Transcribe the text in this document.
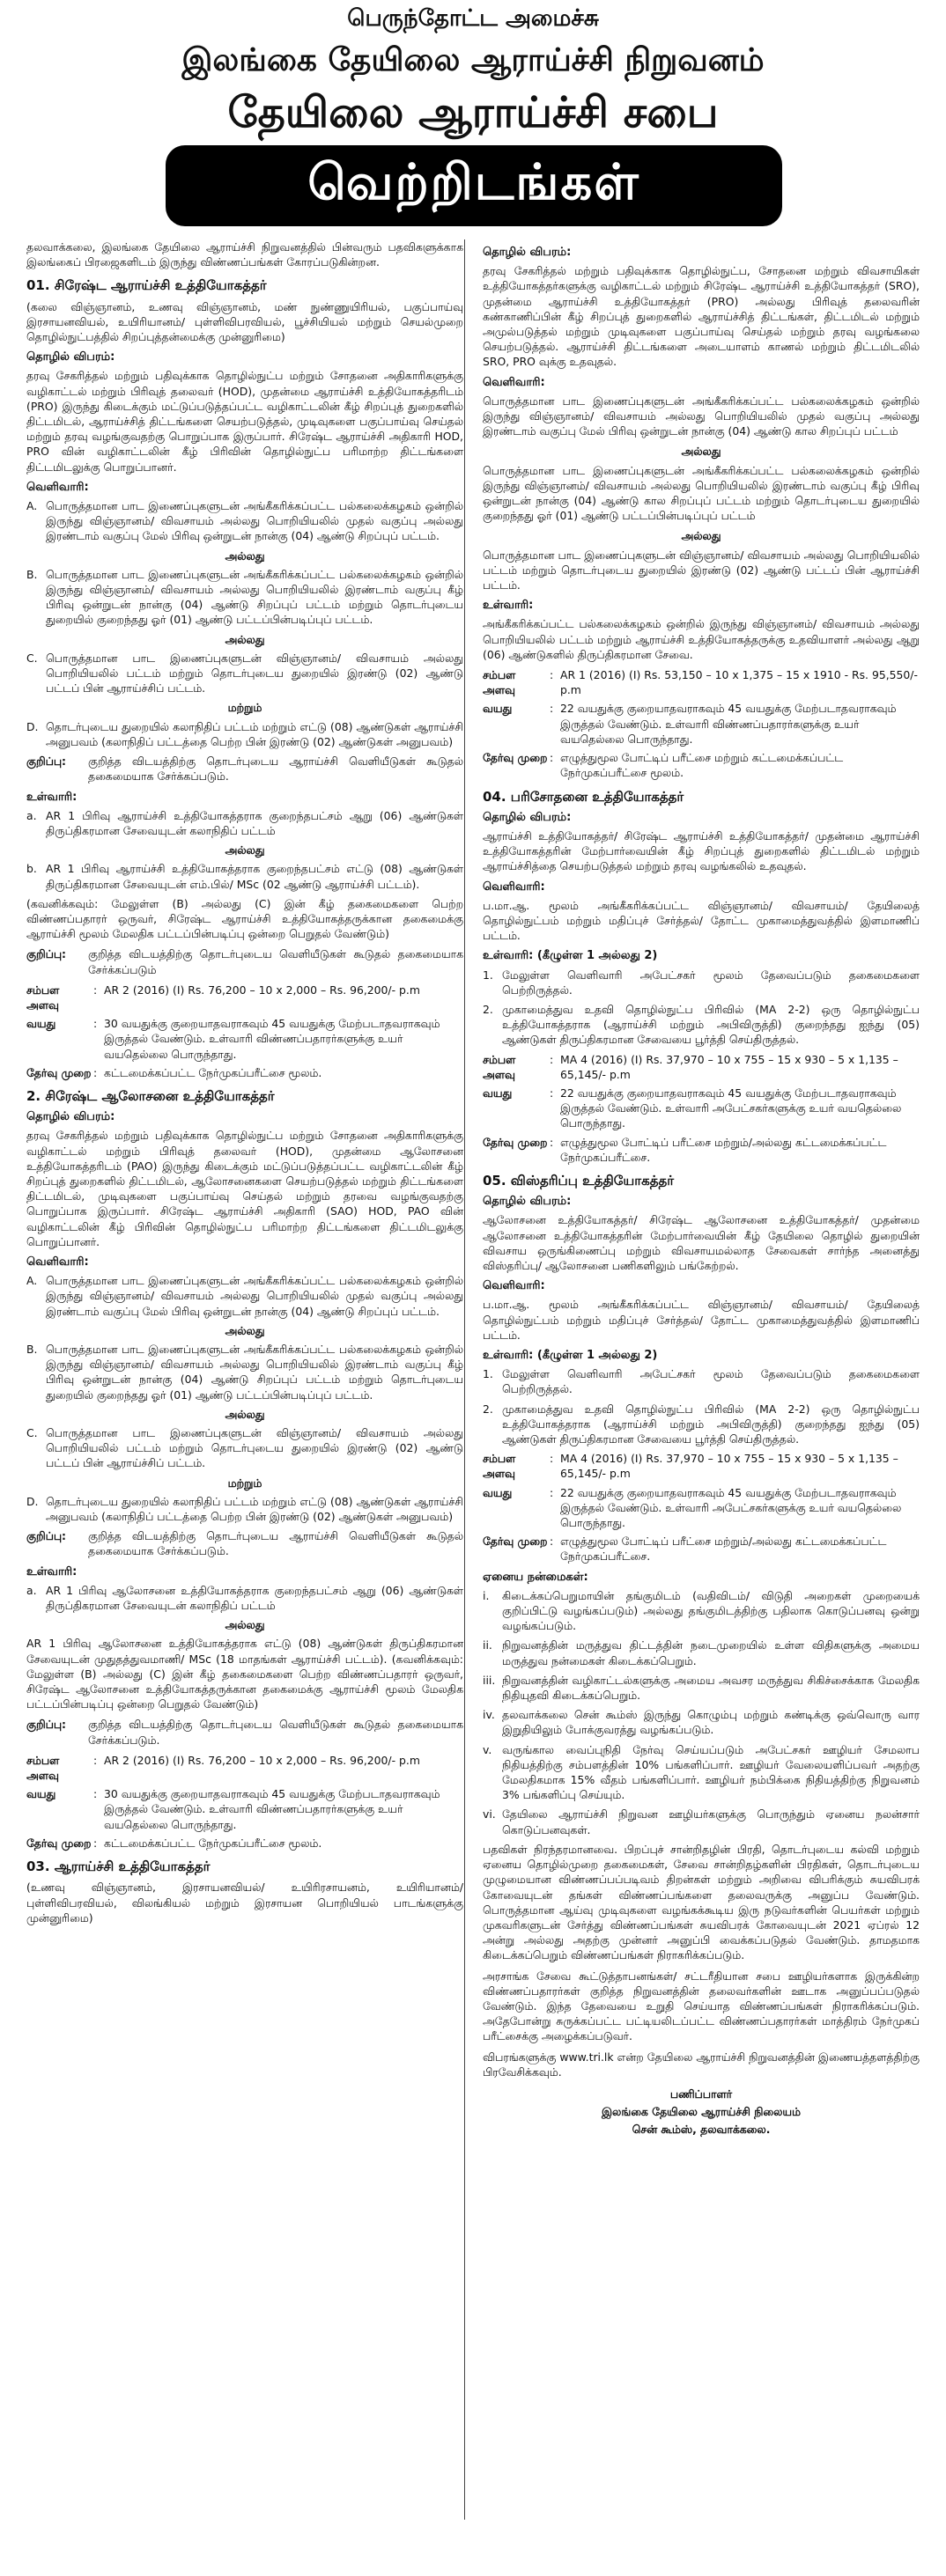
பெருந்தோட்ட அமைச்சு
இலங்கை தேயிலை ஆராய்ச்சி நிறுவனம்
தேயிலை ஆராய்ச்சி சபை
வெற்றிடங்கள்

தலவாக்கலை, இலங்கை தேயிலை ஆராய்ச்சி நிறுவனத்தில் பின்வரும் பதவிகளுக்காக இலங்கைப் பிரஜைகளிடம் இருந்து விண்ணப்பங்கள் கோரப்படுகின்றன.

01. சிரேஷ்ட ஆராய்ச்சி உத்தியோகத்தர்

(கலை விஞ்ஞானம், உணவு விஞ்ஞானம், மண் நுண்ணுயிரியல், பகுப்பாய்வு இரசாயனவியல், உயிரியானம்/ புள்ளிவிபரவியல், பூச்சியியல் மற்றும் செயல்முறை தொழில்நுட்பத்தில் சிறப்புத்தன்மைக்கு முன்னுரிமை)

தொழில் விபரம்:

தரவு சேகரித்தல் மற்றும் பதிவுக்காக தொழில்நுட்ப மற்றும் சோதனை அதிகாரிகளுக்கு வழிகாட்டல் மற்றும் பிரிவுத் தலைவர் (HOD), முதன்மை ஆராய்ச்சி உத்தியோகத்தரிடம் (PRO) இருந்து கிடைக்கும் மட்டுப்படுத்தப்பட்ட வழிகாட்டலின் கீழ் சிறப்புத் துறைகளில் திட்டமிடல், ஆராய்ச்சித் திட்டங்களை செயற்படுத்தல், முடிவுகளை பகுப்பாய்வு செய்தல் மற்றும் தரவு வழங்குவதற்கு பொறுப்பாக இருப்பார். சிரேஷ்ட ஆராய்ச்சி அதிகாரி HOD, PRO வின் வழிகாட்டலின் கீழ் பிரிவின் தொழில்நுட்ப பரிமாற்ற திட்டங்களை திட்டமிடலுக்கு பொறுப்பானர்.

வெளிவாரி:
A. பொருத்தமான பாட இணைப்புகளுடன் அங்கீகரிக்கப்பட்ட பல்கலைக்கழகம் ஒன்றில் இருந்து விஞ்ஞானம்/ விவசாயம் அல்லது பொறியியலில் முதல் வகுப்பு அல்லது இரண்டாம் வகுப்பு மேல் பிரிவு ஒன்றுடன் நான்கு (04) ஆண்டு சிறப்புப் பட்டம்.
அல்லது
B. பொருத்தமான பாட இணைப்புகளுடன் அங்கீகரிக்கப்பட்ட பல்கலைக்கழகம் ஒன்றில் இருந்து விஞ்ஞானம்/ விவசாயம் அல்லது பொறியியலில் இரண்டாம் வகுப்பு கீழ் பிரிவு ஒன்றுடன் நான்கு (04) ஆண்டு சிறப்புப் பட்டம் மற்றும் தொடர்புடைய துறையில் குறைந்தது ஓர் (01) ஆண்டு பட்டப்பின்படிப்புப் பட்டம்.
அல்லது
C. பொருத்தமான பாட இணைப்புகளுடன் விஞ்ஞானம்/ விவசாயம் அல்லது பொறியியலில் பட்டம் மற்றும் தொடர்புடைய துறையில் இரண்டு (02) ஆண்டு பட்டப் பின் ஆராய்ச்சிப் பட்டம்.
மற்றும்
D. தொடர்புடைய துறையில் கலாநிதிப் பட்டம் மற்றும் எட்டு (08) ஆண்டுகள் ஆராய்ச்சி அனுபவம் (கலாநிதிப் பட்டத்தை பெற்ற பின் இரண்டு (02) ஆண்டுகள் அனுபவம்)
குறிப்பு:	குறித்த விடயத்திற்கு தொடர்புடைய ஆராய்ச்சி வெளியீடுகள் கூடுதல் தகைமையாக சேர்க்கப்படும்.
உள்வாரி:
a. AR 1 பிரிவு ஆராய்ச்சி உத்தியோகத்தராக குறைந்தபட்சம் ஆறு (06) ஆண்டுகள் திருப்திகரமான சேவையுடன் கலாநிதிப் பட்டம்
அல்லது
b. AR 1 பிரிவு ஆராய்ச்சி உத்தியோகத்தராக குறைந்தபட்சம் எட்டு (08) ஆண்டுகள் திருப்திகரமான சேவையுடன் எம்.பில்/ MSc (02 ஆண்டு ஆராய்ச்சி பட்டம்).

(கவனிக்கவும்: மேலுள்ள (B) அல்லது (C) இன் கீழ் தகைமைகளை பெற்ற விண்ணப்பதாரர் ஒருவர், சிரேஷ்ட ஆராய்ச்சி உத்தியோகத்தருக்கான தகைமைக்கு ஆராய்ச்சி மூலம் மேலதிக பட்டப்பின்படிப்பு ஒன்றை பெறுதல் வேண்டும்)

குறிப்பு:	குறித்த விடயத்திற்கு தொடர்புடைய வெளியீடுகள் கூடுதல் தகைமையாக சேர்க்கப்படும்
சம்பள அளவு
: AR 2 (2016) (I) Rs. 76,200 – 10 x 2,000 – Rs. 96,200/- p.m
வயது	: 30 வயதுக்கு குறையாதவராகவும் 45 வயதுக்கு மேற்படாதவராகவும் இருத்தல் வேண்டும். உள்வாரி விண்ணப்பதாரர்களுக்கு உயர் வயதெல்லை பொருந்தாது.
தேர்வு முறை : கட்டமைக்கப்பட்ட நேர்முகப்பரீட்சை மூலம்.
2. சிரேஷ்ட ஆலோசனை உத்தியோகத்தர்
தொழில் விபரம்:

தரவு சேகரித்தல் மற்றும் பதிவுக்காக தொழில்நுட்ப மற்றும் சோதனை அதிகாரிகளுக்கு வழிகாட்டல் மற்றும் பிரிவுத் தலைவர் (HOD), முதன்மை ஆலோசனை உத்தியோகத்தரிடம் (PAO) இருந்து கிடைக்கும் மட்டுப்படுத்தப்பட்ட வழிகாட்டலின் கீழ் சிறப்புத் துறைகளில் திட்டமிடல், ஆலோசனைகளை செயற்படுத்தல் மற்றும் திட்டங்களை திட்டமிடல், முடிவுகளை பகுப்பாய்வு செய்தல் மற்றும் தரவை வழங்குவதற்கு பொறுப்பாக இருப்பார். சிரேஷ்ட ஆராய்ச்சி அதிகாரி (SAO) HOD, PAO வின் வழிகாட்டலின் கீழ் பிரிவின் தொழில்நுட்ப பரிமாற்ற திட்டங்களை திட்டமிடலுக்கு பொறுப்பானர்.

வெளிவாரி:
A. பொருத்தமான பாட இணைப்புகளுடன் அங்கீகரிக்கப்பட்ட பல்கலைக்கழகம் ஒன்றில் இருந்து விஞ்ஞானம்/ விவசாயம் அல்லது பொறியியலில் முதல் வகுப்பு அல்லது இரண்டாம் வகுப்பு மேல் பிரிவு ஒன்றுடன் நான்கு (04) ஆண்டு சிறப்புப் பட்டம்.
அல்லது
B. பொருத்தமான பாட இணைப்புகளுடன் அங்கீகரிக்கப்பட்ட பல்கலைக்கழகம் ஒன்றில் இருந்து விஞ்ஞானம்/ விவசாயம் அல்லது பொறியியலில் இரண்டாம் வகுப்பு கீழ் பிரிவு ஒன்றுடன் நான்கு (04) ஆண்டு சிறப்புப் பட்டம் மற்றும் தொடர்புடைய துறையில் குறைந்தது ஓர் (01) ஆண்டு பட்டப்பின்படிப்புப் பட்டம்.
அல்லது
C. பொருத்தமான பாட இணைப்புகளுடன் விஞ்ஞானம்/ விவசாயம் அல்லது பொறியியலில் பட்டம் மற்றும் தொடர்புடைய துறையில் இரண்டு (02) ஆண்டு பட்டப் பின் ஆராய்ச்சிப் பட்டம்.
மற்றும்
D. தொடர்புடைய துறையில் கலாநிதிப் பட்டம் மற்றும் எட்டு (08) ஆண்டுகள் ஆராய்ச்சி அனுபவம் (கலாநிதிப் பட்டத்தை பெற்ற பின் இரண்டு (02) ஆண்டுகள் அனுபவம்)
குறிப்பு:	குறித்த விடயத்திற்கு தொடர்புடைய ஆராய்ச்சி வெளியீடுகள் கூடுதல் தகைமையாக சேர்க்கப்படும்.
உள்வாரி:
a. AR 1 பிரிவு ஆலோசனை உத்தியோகத்தராக குறைந்தபட்சம் ஆறு (06) ஆண்டுகள் திருப்திகரமான சேவையுடன் கலாநிதிப் பட்டம்
அல்லது

AR 1 பிரிவு ஆலோசனை உத்தியோகத்தராக எட்டு (08) ஆண்டுகள் திருப்திகரமான சேவையுடன் முதுதத்துவமாணி/ MSc (18 மாதங்கள் ஆராய்ச்சி பட்டம்). (கவனிக்கவும்: மேலுள்ள (B) அல்லது (C) இன் கீழ் தகைமைகளை பெற்ற விண்ணப்பதாரர் ஒருவர், சிரேஷ்ட ஆலோசனை உத்தியோகத்தருக்கான தகைமைக்கு ஆராய்ச்சி மூலம் மேலதிக பட்டப்பின்படிப்பு ஒன்றை பெறுதல் வேண்டும்)

குறிப்பு:	குறித்த விடயத்திற்கு தொடர்புடைய வெளியீடுகள் கூடுதல் தகைமையாக சேர்க்கப்படும்.
சம்பள அளவு
: AR 2 (2016) (I) Rs. 76,200 – 10 x 2,000 – Rs. 96,200/- p.m
வயது	: 30 வயதுக்கு குறையாதவராகவும் 45 வயதுக்கு மேற்படாதவராகவும் இருத்தல் வேண்டும். உள்வாரி விண்ணப்பதாரர்களுக்கு உயர் வயதெல்லை பொருந்தாது.
தேர்வு முறை : கட்டமைக்கப்பட்ட நேர்முகப்பரீட்சை மூலம்.
03. ஆராய்ச்சி உத்தியோகத்தர்

(உணவு விஞ்ஞானம், இரசாயனவியல்/ உயிரிரசாயனம், உயிரியானம்/ புள்ளிவிபரவியல், விலங்கியல் மற்றும் இரசாயன பொறியியல் பாடங்களுக்கு முன்னுரிமை)

தொழில் விபரம்:

தரவு சேகரித்தல் மற்றும் பதிவுக்காக தொழில்நுட்ப, சோதனை மற்றும் விவசாயிகள் உத்தியோகத்தர்களுக்கு வழிகாட்டல் மற்றும் சிரேஷ்ட ஆராய்ச்சி உத்தியோகத்தர் (SRO), முதன்மை ஆராய்ச்சி உத்தியோகத்தர் (PRO) அல்லது பிரிவுத் தலைவரின் கண்காணிப்பின் கீழ் சிறப்புத் துறைகளில் ஆராய்ச்சித் திட்டங்கள், திட்டமிடல் மற்றும் அமுல்படுத்தல் மற்றும் முடிவுகளை பகுப்பாய்வு செய்தல் மற்றும் தரவு வழங்கலை செயற்படுத்தல். ஆராய்ச்சி திட்டங்களை அடையாளம் காணல் மற்றும் திட்டமிடலில் SRO, PRO வுக்கு உதவுதல்.

வெளிவாரி:

பொருத்தமான பாட இணைப்புகளுடன் அங்கீகரிக்கப்பட்ட பல்கலைக்கழகம் ஒன்றில் இருந்து விஞ்ஞானம்/ விவசாயம் அல்லது பொறியியலில் முதல் வகுப்பு அல்லது இரண்டாம் வகுப்பு மேல் பிரிவு ஒன்றுடன் நான்கு (04) ஆண்டு கால சிறப்புப் பட்டம்

அல்லது

பொருத்தமான பாட இணைப்புகளுடன் அங்கீகரிக்கப்பட்ட பல்கலைக்கழகம் ஒன்றில் இருந்து விஞ்ஞானம்/ விவசாயம் அல்லது பொறியியலில் இரண்டாம் வகுப்பு கீழ் பிரிவு ஒன்றுடன் நான்கு (04) ஆண்டு கால சிறப்புப் பட்டம் மற்றும் தொடர்புடைய துறையில் குறைந்தது ஓர் (01) ஆண்டு பட்டப்பின்படிப்புப் பட்டம்

அல்லது

பொருத்தமான பாட இணைப்புகளுடன் விஞ்ஞானம்/ விவசாயம் அல்லது பொறியியலில் பட்டம் மற்றும் தொடர்புடைய துறையில் இரண்டு (02) ஆண்டு பட்டப் பின் ஆராய்ச்சி பட்டம்.

உள்வாரி:

அங்கீகரிக்கப்பட்ட பல்கலைக்கழகம் ஒன்றில் இருந்து விஞ்ஞானம்/ விவசாயம் அல்லது பொறியியலில் பட்டம் மற்றும் ஆராய்ச்சி உத்தியோகத்தருக்கு உதவியாளர் அல்லது ஆறு (06) ஆண்டுகளில் திருப்திகரமான சேவை.

சம்பள அளவு
: AR 1 (2016) (I) Rs. 53,150 – 10 x 1,375 – 15 x 1910 - Rs. 95,550/- p.m
வயது	: 22 வயதுக்கு குறையாதவராகவும் 45 வயதுக்கு மேற்படாதவராகவும் இருத்தல் வேண்டும். உள்வாரி விண்ணப்பதாரர்களுக்கு உயர் வயதெல்லை பொருந்தாது.
தேர்வு முறை : எழுத்துமூல போட்டிப் பரீட்சை மற்றும் கட்டமைக்கப்பட்ட நேர்முகப்பரீட்சை மூலம்.
04. பரிசோதனை உத்தியோகத்தர்
தொழில் விபரம்:

ஆராய்ச்சி உத்தியோகத்தர்/ சிரேஷ்ட ஆராய்ச்சி உத்தியோகத்தர்/ முதன்மை ஆராய்ச்சி உத்தியோகத்தரின் மேற்பார்வையின் கீழ் சிறப்புத் துறைகளில் திட்டமிடல் மற்றும் ஆராய்ச்சித்தை செயற்படுத்தல் மற்றும் தரவு வழங்கலில் உதவுதல்.

வெளிவாரி:

ப.மா.ஆ. மூலம் அங்கீகரிக்கப்பட்ட விஞ்ஞானம்/ விவசாயம்/ தேயிலைத் தொழில்நுட்பம் மற்றும் மதிப்புச் சேர்த்தல்/ தோட்ட முகாமைத்துவத்தில் இளமாணிப் பட்டம்.

உள்வாரி: (கீழுள்ள 1 அல்லது 2)
1. மேலுள்ள வெளிவாரி அபேட்சகர் மூலம் தேவைப்படும் தகைமைகளை பெற்றிருத்தல்.
2. முகாமைத்துவ உதவி தொழில்நுட்ப பிரிவில் (MA 2-2) ஒரு தொழில்நுட்ப உத்தியோகத்தராக (ஆராய்ச்சி மற்றும் அபிவிருத்தி) குறைந்தது ஐந்து (05) ஆண்டுகள் திருப்திகரமான சேவையை பூர்த்தி செய்திருத்தல்.
சம்பள அளவு
: MA 4 (2016) (I) Rs. 37,970 – 10 x 755 – 15 x 930 – 5 x 1,135 – 65,145/- p.m
வயது	: 22 வயதுக்கு குறையாதவராகவும் 45 வயதுக்கு மேற்படாதவராகவும் இருத்தல் வேண்டும். உள்வாரி அபேட்சகர்களுக்கு உயர் வயதெல்லை பொருந்தாது.
தேர்வு முறை : எழுத்துமூல போட்டிப் பரீட்சை மற்றும்/அல்லது கட்டமைக்கப்பட்ட நேர்முகப்பரீட்சை.
05. விஸ்தரிப்பு உத்தியோகத்தர்
தொழில் விபரம்:

ஆலோசனை உத்தியோகத்தர்/ சிரேஷ்ட ஆலோசனை உத்தியோகத்தர்/ முதன்மை ஆலோசனை உத்தியோகத்தரின் மேற்பார்வையின் கீழ் தேயிலை தொழில் துறையின் விவசாய ஒருங்கிணைப்பு மற்றும் விவசாயமல்லாத சேவைகள் சார்ந்த அனைத்து விஸ்தரிப்பு/ ஆலோசனை பணிகளிலும் பங்கேற்றல்.

வெளிவாரி:

ப.மா.ஆ. மூலம் அங்கீகரிக்கப்பட்ட விஞ்ஞானம்/ விவசாயம்/ தேயிலைத் தொழில்நுட்பம் மற்றும் மதிப்புச் சேர்த்தல்/ தோட்ட முகாமைத்துவத்தில் இளமாணிப் பட்டம்.

உள்வாரி: (கீழுள்ள 1 அல்லது 2)
1. மேலுள்ள வெளிவாரி அபேட்சகர் மூலம் தேவைப்படும் தகைமைகளை பெற்றிருத்தல்.
2. முகாமைத்துவ உதவி தொழில்நுட்ப பிரிவில் (MA 2-2) ஒரு தொழில்நுட்ப உத்தியோகத்தராக (ஆராய்ச்சி மற்றும் அபிவிருத்தி) குறைந்தது ஐந்து (05) ஆண்டுகள் திருப்திகரமான சேவையை பூர்த்தி செய்திருத்தல்.
சம்பள அளவு
: MA 4 (2016) (I) Rs. 37,970 – 10 x 755 – 15 x 930 – 5 x 1,135 – 65,145/- p.m
வயது	: 22 வயதுக்கு குறையாதவராகவும் 45 வயதுக்கு மேற்படாதவராகவும் இருத்தல் வேண்டும். உள்வாரி அபேட்சகர்களுக்கு உயர் வயதெல்லை பொருந்தாது.
தேர்வு முறை : எழுத்துமூல போட்டிப் பரீட்சை மற்றும்/அல்லது கட்டமைக்கப்பட்ட நேர்முகப்பரீட்சை.
ஏனைய நன்மைகள்:
i.	கிடைக்கப்பெறுமாயின் தங்குமிடம் (வதிவிடம்/ விடுதி அறைகள் முறையைக் குறிப்பிட்டு வழங்கப்படும்) அல்லது தங்குமிடத்திற்கு பதிலாக கொடுப்பனவு ஒன்று வழங்கப்படும்.
ii. நிறுவனத்தின் மருத்துவ திட்டத்தின் நடைமுறையில் உள்ள விதிகளுக்கு அமைய மருத்துவ நன்மைகள் கிடைக்கப்பெறும்.
iii. நிறுவனத்தின் வழிகாட்டல்களுக்கு அமைய அவசர மருத்துவ சிகிச்சைக்காக மேலதிக நிதியுதவி கிடைக்கப்பெறும்.
iv. தலவாக்கலை சென் கூம்ஸ் இருந்து கொழும்பு மற்றும் கண்டிக்கு ஒவ்வொரு வார இறுதியிலும் போக்குவரத்து வழங்கப்படும்.
v. வருங்கால வைப்புநிதி நேர்வு செய்யப்படும் அபேட்சகர் ஊழியர் சேமலாப நிதியத்திற்கு சம்பளத்தின் 10% பங்களிப்பார். ஊழியர் வேலையளிப்பவர் அதற்கு மேலதிகமாக 15% வீதம் பங்களிப்பார். ஊழியர் நம்பிக்கை நிதியத்திற்கு நிறுவனம் 3% பங்களிப்பு செய்யும்.
vi. தேயிலை ஆராய்ச்சி நிறுவன ஊழியர்களுக்கு பொருந்தும் ஏனைய நலன்சார் கொடுப்பனவுகள்.

பதவிகள் நிரந்தரமானவை. பிறப்புச் சான்றிதழின் பிரதி, தொடர்புடைய கல்வி மற்றும் ஏனைய தொழில்முறை தகைமைகள், சேவை சான்றிதழ்களின் பிரதிகள், தொடர்புடைய முழுமையான விண்ணப்பப்படிவம் திறன்கள் மற்றும் அறிவை விபரிக்கும் சுயவிபரக் கோவையுடன் தங்கள் விண்ணப்பங்களை தலைவருக்கு அனுப்ப வேண்டும். பொருத்தமான ஆய்வு முடிவுகளை வழங்கக்கூடிய இரு நடுவர்களின் பெயர்கள் மற்றும் முகவரிகளுடன் சேர்த்து விண்ணப்பங்கள் சுயவிபரக் கோவையுடன் 2021 ஏப்ரல் 12 அன்று அல்லது அதற்கு முன்னர் அனுப்பி வைக்கப்படுதல் வேண்டும். தாமதமாக கிடைக்கப்பெறும் விண்ணப்பங்கள் நிராகரிக்கப்படும்.

அரசாங்க சேவை கூட்டுத்தாபனங்கள்/ சட்டரீதியான சபை ஊழியர்களாக இருக்கின்ற விண்ணப்பதாரர்கள் குறித்த நிறுவனத்தின் தலைவர்களின் ஊடாக அனுப்பப்படுதல் வேண்டும். இந்த தேவையை உறுதி செய்யாத விண்ணப்பங்கள் நிராகரிக்கப்படும். அதேபோன்று சுருக்கப்பட்ட பட்டியலிடப்பட்ட விண்ணப்பதாரர்கள் மாத்திரம் நேர்முகப் பரீட்சைக்கு அழைக்கப்படுவர்.

விபரங்களுக்கு www.tri.lk என்ற தேயிலை ஆராய்ச்சி நிறுவனத்தின் இணையத்தளத்திற்கு பிரவேசிக்கவும்.

பணிப்பாளர்
இலங்கை தேயிலை ஆராய்ச்சி நிலையம்
சென் கூம்ஸ், தலவாக்கலை.
